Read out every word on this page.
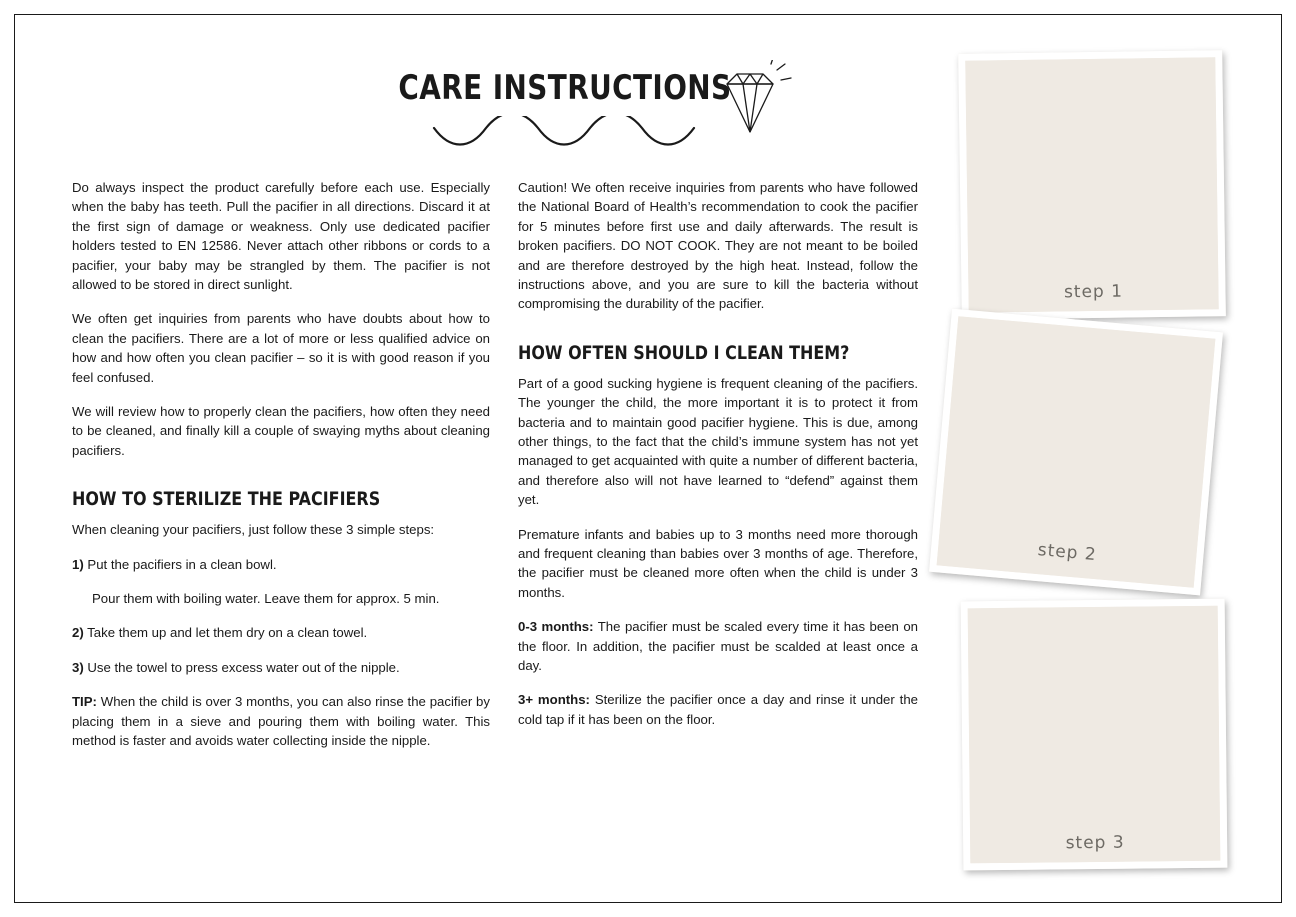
CARE INSTRUCTIONS

Do always inspect the product carefully before each use. Especially when the baby has teeth. Pull the pacifier in all directions. Discard it at the first sign of damage or weakness. Only use dedicated pacifier holders tested to EN 12586. Never attach other ribbons or cords to a pacifier, your baby may be strangled by them. The pacifier is not allowed to be stored in direct sunlight.

We often get inquiries from parents who have doubts about how to clean the pacifiers. There are a lot of more or less qualified advice on how and how often you clean pacifier – so it is with good reason if you feel confused.

We will review how to properly clean the pacifiers, how often they need to be cleaned, and finally kill a couple of swaying myths about cleaning pacifiers.

HOW TO STERILIZE THE PACIFIERS

When cleaning your pacifiers, just follow these 3 simple steps:

1) Put the pacifiers in a clean bowl.

Pour them with boiling water. Leave them for approx. 5 min.

2) Take them up and let them dry on a clean towel.

3) Use the towel to press excess water out of the nipple.

TIP: When the child is over 3 months, you can also rinse the pacifier by placing them in a sieve and pouring them with boiling water. This method is faster and avoids water collecting inside the nipple.

Caution! We often receive inquiries from parents who have followed the National Board of Health’s recommendation to cook the pacifier for 5 minutes before first use and daily afterwards. The result is broken pacifiers. DO NOT COOK. They are not meant to be boiled and are therefore destroyed by the high heat. Instead, follow the instructions above, and you are sure to kill the bacteria without compromising the durability of the pacifier.

HOW OFTEN SHOULD I CLEAN THEM?

Part of a good sucking hygiene is frequent cleaning of the pacifiers. The younger the child, the more important it is to protect it from bacteria and to maintain good pacifier hygiene. This is due, among other things, to the fact that the child’s immune system has not yet managed to get acquainted with quite a number of different bacteria, and therefore also will not have learned to “defend” against them yet.

Premature infants and babies up to 3 months need more thorough and frequent cleaning than babies over 3 months of age. Therefore, the pacifier must be cleaned more often when the child is under 3 months.

0-3 months: The pacifier must be scaled every time it has been on the floor. In addition, the pacifier must be scalded at least once a day.

3+ months: Sterilize the pacifier once a day and rinse it under the cold tap if it has been on the floor.

step 1
step 2
step 3
